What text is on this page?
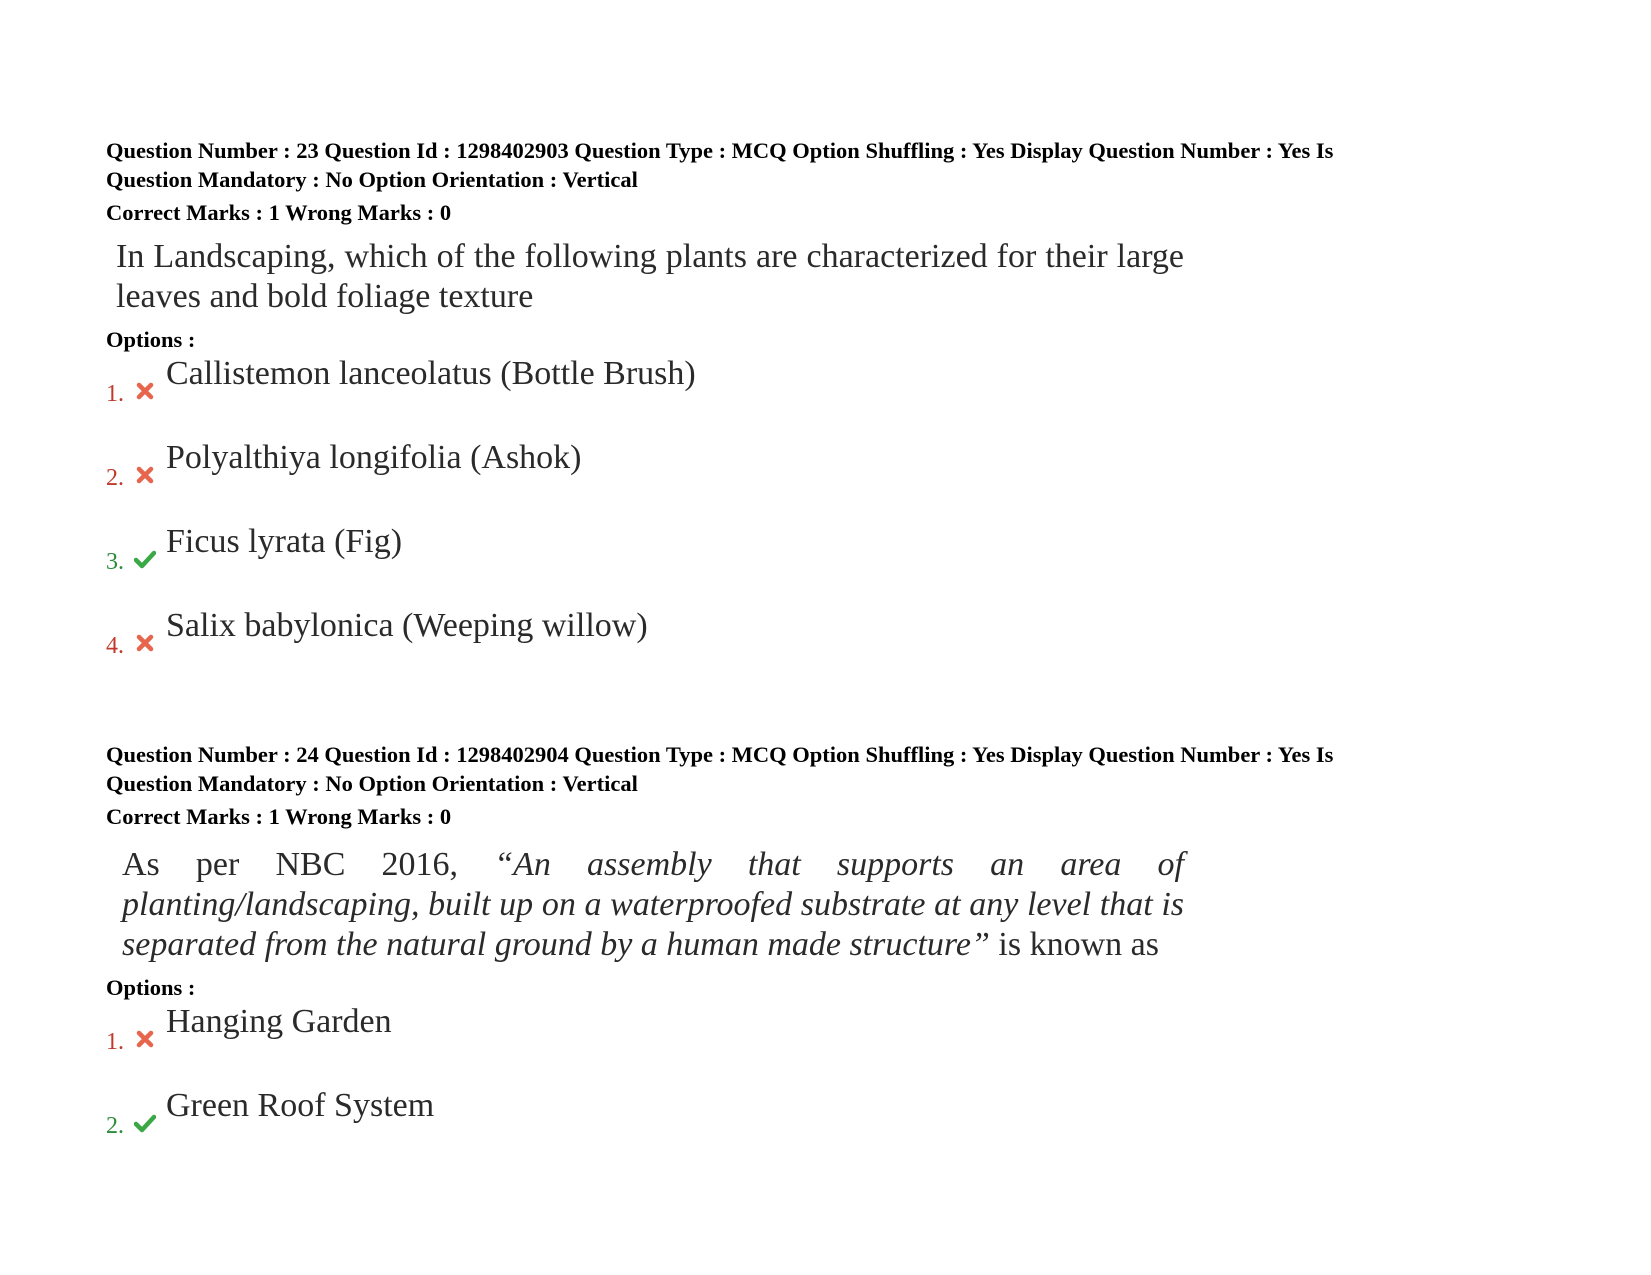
Question Number : 23 Question Id : 1298402903 Question Type : MCQ Option Shuffling : Yes Display Question Number : Yes Is
Question Mandatory : No Option Orientation : Vertical

Correct Marks : 1 Wrong Marks : 0

In Landscaping, which of the following plants are characterized for their large leaves and bold foliage texture

Options :

1.
Callistemon lanceolatus (Bottle Brush)
2.
Polyalthiya longifolia (Ashok)
3.
Ficus lyrata (Fig)
4.
Salix babylonica (Weeping willow)

Question Number : 24 Question Id : 1298402904 Question Type : MCQ Option Shuffling : Yes Display Question Number : Yes Is
Question Mandatory : No Option Orientation : Vertical

Correct Marks : 1 Wrong Marks : 0

As per NBC 2016, “An assembly that supports an area of planting/landscaping, built up on a waterproofed substrate at any level that is separated from the natural ground by a human made structure” is known as

Options :

1.
Hanging Garden
2.
Green Roof System
